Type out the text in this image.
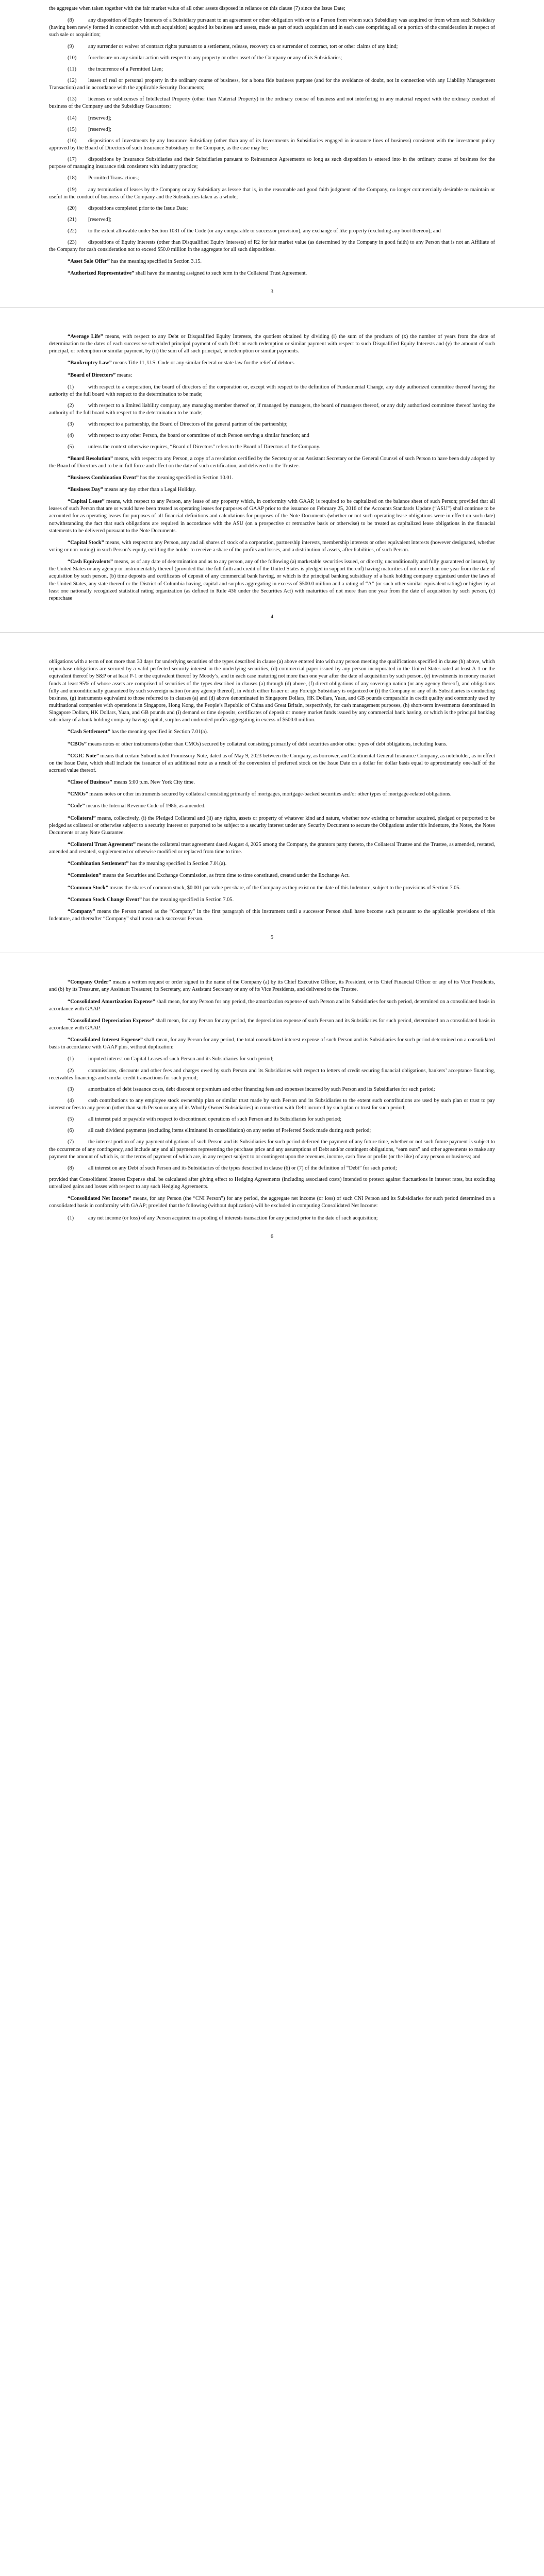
the aggregate when taken together with the fair market value of all other assets disposed in reliance on this clause (7) since the Issue Date;

(8)	any disposition of Equity Interests of a Subsidiary pursuant to an agreement or other obligation with or to a Person from whom such Subsidiary was acquired or from whom such Subsidiary (having been newly formed in connection with such acquisition) acquired its business and assets, made as part of such acquisition and in each case comprising all or a portion of the consideration in respect of such sale or acquisition;
(9)	any surrender or waiver of contract rights pursuant to a settlement, release, recovery on or surrender of contract, tort or other claims of any kind;
(10) foreclosure on any similar action with respect to any property or other asset of the Company or any of its Subsidiaries;
(11) the incurrence of a Permitted Lien;
(12) leases of real or personal property in the ordinary course of business, for a bona fide business purpose (and for the avoidance of doubt, not in connection with any Liability Management Transaction) and in accordance with the applicable Security Documents;
(13) licenses or sublicenses of Intellectual Property (other than Material Property) in the ordinary course of business and not interfering in any material respect with the ordinary conduct of business of the Company and the Subsidiary Guarantors;
(14) [reserved];
(15) [reserved];
(16) dispositions of Investments by any Insurance Subsidiary (other than any of its Investments in Subsidiaries engaged in insurance lines of business) consistent with the investment policy approved by the Board of Directors of such Insurance Subsidiary or the Company, as the case may be;
(17) dispositions by Insurance Subsidiaries and their Subsidiaries pursuant to Reinsurance Agreements so long as such disposition is entered into in the ordinary course of business for the purpose of managing insurance risk consistent with industry practice;
(18) Permitted Transactions;
(19) any termination of leases by the Company or any Subsidiary as lessee that is, in the reasonable and good faith judgment of the Company, no longer commercially desirable to maintain or useful in the conduct of business of the Company and the Subsidiaries taken as a whole;
(20) dispositions completed prior to the Issue Date;
(21) [reserved];
(22) to the extent allowable under Section 1031 of the Code (or any comparable or successor provision), any exchange of like property (excluding any boot thereon); and
(23) dispositions of Equity Interests (other than Disqualified Equity Interests) of R2 for fair market value (as determined by the Company in good faith) to any Person that is not an Affiliate of the Company for cash consideration not to exceed $50.0 million in the aggregate for all such dispositions.

“Asset Sale Offer” has the meaning specified in Section 3.15.

“Authorized Representative” shall have the meaning assigned to such term in the Collateral Trust Agreement.

3

“Average Life” means, with respect to any Debt or Disqualified Equity Interests, the quotient obtained by dividing (i) the sum of the products of (x) the number of years from the date of determination to the dates of each successive scheduled principal payment of such Debt or each redemption or similar payment with respect to such Disqualified Equity Interests and (y) the amount of such principal, or redemption or similar payment, by (ii) the sum of all such principal, or redemption or similar payments.

“Bankruptcy Law” means Title 11, U.S. Code or any similar federal or state law for the relief of debtors.

“Board of Directors” means:

(1)	with respect to a corporation, the board of directors of the corporation or, except with respect to the definition of Fundamental Change, any duly authorized committee thereof having the authority of the full board with respect to the determination to be made;
(2)	with respect to a limited liability company, any managing member thereof or, if managed by managers, the board of managers thereof, or any duly authorized committee thereof having the authority of the full board with respect to the determination to be made;
(3)	with respect to a partnership, the Board of Directors of the general partner of the partnership;
(4)	with respect to any other Person, the board or committee of such Person serving a similar function; and
(5)	unless the context otherwise requires, “Board of Directors” refers to the Board of Directors of the Company.

“Board Resolution” means, with respect to any Person, a copy of a resolution certified by the Secretary or an Assistant Secretary or the General Counsel of such Person to have been duly adopted by the Board of Directors and to be in full force and effect on the date of such certification, and delivered to the Trustee.

“Business Combination Event” has the meaning specified in Section 10.01.

“Business Day” means any day other than a Legal Holiday.

“Capital Lease” means, with respect to any Person, any lease of any property which, in conformity with GAAP, is required to be capitalized on the balance sheet of such Person; provided that all leases of such Person that are or would have been treated as operating leases for purposes of GAAP prior to the issuance on February 25, 2016 of the Accounts Standards Update (“ASU”) shall continue to be accounted for as operating leases for purposes of all financial definitions and calculations for purposes of the Note Documents (whether or not such operating lease obligations were in effect on such date) notwithstanding the fact that such obligations are required in accordance with the ASU (on a prospective or retroactive basis or otherwise) to be treated as capitalized lease obligations in the financial statements to be delivered pursuant to the Note Documents.

“Capital Stock” means, with respect to any Person, any and all shares of stock of a corporation, partnership interests, membership interests or other equivalent interests (however designated, whether voting or non-voting) in such Person’s equity, entitling the holder to receive a share of the profits and losses, and a distribution of assets, after liabilities, of such Person.

“Cash Equivalents” means, as of any date of determination and as to any person, any of the following (a) marketable securities issued, or directly, unconditionally and fully guaranteed or insured, by the United States or any agency or instrumentality thereof (provided that the full faith and credit of the United States is pledged in support thereof) having maturities of not more than one year from the date of acquisition by such person, (b) time deposits and certificates of deposit of any commercial bank having, or which is the principal banking subsidiary of a bank holding company organized under the laws of the United States, any state thereof or the District of Columbia having, capital and surplus aggregating in excess of $500.0 million and a rating of “A” (or such other similar equivalent rating) or higher by at least one nationally recognized statistical rating organization (as defined in Rule 436 under the Securities Act) with maturities of not more than one year from the date of acquisition by such person, (c) repurchase

4

obligations with a term of not more than 30 days for underlying securities of the types described in clause (a) above entered into with any person meeting the qualifications specified in clause (b) above, which repurchase obligations are secured by a valid perfected security interest in the underlying securities, (d) commercial paper issued by any person incorporated in the United States rated at least A-1 or the equivalent thereof by S&P or at least P-1 or the equivalent thereof by Moody’s, and in each case maturing not more than one year after the date of acquisition by such person, (e) investments in money market funds at least 95% of whose assets are comprised of securities of the types described in clauses (a) through (d) above, (f) direct obligations of any sovereign nation (or any agency thereof), and obligations fully and unconditionally guaranteed by such sovereign nation (or any agency thereof), in which either Issuer or any Foreign Subsidiary is organized or (i) the Company or any of its Subsidiaries is conducting business, (g) instruments equivalent to those referred to in clauses (a) and (d) above denominated in Singapore Dollars, HK Dollars, Yuan, and GB pounds comparable in credit quality and commonly used by multinational companies with operations in Singapore, Hong Kong, the People’s Republic of China and Great Britain, respectively, for cash management purposes, (h) short-term investments denominated in Singapore Dollars, HK Dollars, Yuan, and GB pounds and (i) demand or time deposits, certificates of deposit or money market funds issued by any commercial bank having, or which is the principal banking subsidiary of a bank holding company having capital, surplus and undivided profits aggregating in excess of $500.0 million.

“Cash Settlement” has the meaning specified in Section 7.01(a).

“CBOs” means notes or other instruments (other than CMOs) secured by collateral consisting primarily of debt securities and/or other types of debt obligations, including loans.

“CGIC Note” means that certain Subordinated Promissory Note, dated as of May 9, 2023 between the Company, as borrower, and Continental General Insurance Company, as noteholder, as in effect on the Issue Date, which shall include the issuance of an additional note as a result of the conversion of preferred stock on the Issue Date on a dollar for dollar basis equal to approximately one-half of the accrued value thereof.

“Close of Business” means 5:00 p.m. New York City time.

“CMOs” means notes or other instruments secured by collateral consisting primarily of mortgages, mortgage-backed securities and/or other types of mortgage-related obligations.

“Code” means the Internal Revenue Code of 1986, as amended.

“Collateral” means, collectively, (i) the Pledged Collateral and (ii) any rights, assets or property of whatever kind and nature, whether now existing or hereafter acquired, pledged or purported to be pledged as collateral or otherwise subject to a security interest or purported to be subject to a security interest under any Security Document to secure the Obligations under this Indenture, the Notes, the Notes Documents or any Note Guarantee.

“Collateral Trust Agreement” means the collateral trust agreement dated August 4, 2025 among the Company, the grantors party thereto, the Collateral Trustee and the Trustee, as amended, restated, amended and restated, supplemented or otherwise modified or replaced from time to time.

“Combination Settlement” has the meaning specified in Section 7.01(a).

“Commission” means the Securities and Exchange Commission, as from time to time constituted, created under the Exchange Act.

“Common Stock” means the shares of common stock, $0.001 par value per share, of the Company as they exist on the date of this Indenture, subject to the provisions of Section 7.05.

“Common Stock Change Event” has the meaning specified in Section 7.05.

“Company” means the Person named as the “Company” in the first paragraph of this instrument until a successor Person shall have become such pursuant to the applicable provisions of this Indenture, and thereafter “Company” shall mean such successor Person.

5

“Company Order” means a written request or order signed in the name of the Company (a) by its Chief Executive Officer, its President, or its Chief Financial Officer or any of its Vice Presidents, and (b) by its Treasurer, any Assistant Treasurer, its Secretary, any Assistant Secretary or any of its Vice Presidents, and delivered to the Trustee.

“Consolidated Amortization Expense” shall mean, for any Person for any period, the amortization expense of such Person and its Subsidiaries for such period, determined on a consolidated basis in accordance with GAAP.

“Consolidated Depreciation Expense” shall mean, for any Person for any period, the depreciation expense of such Person and its Subsidiaries for such period, determined on a consolidated basis in accordance with GAAP.

“Consolidated Interest Expense” shall mean, for any Person for any period, the total consolidated interest expense of such Person and its Subsidiaries for such period determined on a consolidated basis in accordance with GAAP plus, without duplication:

(1)	imputed interest on Capital Leases of such Person and its Subsidiaries for such period;
(2)	commissions, discounts and other fees and charges owed by such Person and its Subsidiaries with respect to letters of credit securing financial obligations, bankers’ acceptance financing, receivables financings and similar credit transactions for such period;
(3)	amortization of debt issuance costs, debt discount or premium and other financing fees and expenses incurred by such Person and its Subsidiaries for such period;
(4)	cash contributions to any employee stock ownership plan or similar trust made by such Person and its Subsidiaries to the extent such contributions are used by such plan or trust to pay interest or fees to any person (other than such Person or any of its Wholly Owned Subsidiaries) in connection with Debt incurred by such plan or trust for such period;
(5)	all interest paid or payable with respect to discontinued operations of such Person and its Subsidiaries for such period;
(6)	all cash dividend payments (excluding items eliminated in consolidation) on any series of Preferred Stock made during such period;
(7)	the interest portion of any payment obligations of such Person and its Subsidiaries for such period deferred the payment of any future time, whether or not such future payment is subject to the occurrence of any contingency, and include any and all payments representing the purchase price and any assumptions of Debt and/or contingent obligations, “earn outs” and other agreements to make any payment the amount of which is, or the terms of payment of which are, in any respect subject to or contingent upon the revenues, income, cash flow or profits (or the like) of any person or business; and
(8)	all interest on any Debt of such Person and its Subsidiaries of the types described in clause (6) or (7) of the definition of “Debt” for such period;

provided that Consolidated Interest Expense shall be calculated after giving effect to Hedging Agreements (including associated costs) intended to protect against fluctuations in interest rates, but excluding unrealized gains and losses with respect to any such Hedging Agreements.

“Consolidated Net Income” means, for any Person (the “CNI Person”) for any period, the aggregate net income (or loss) of such CNI Person and its Subsidiaries for such period determined on a consolidated basis in conformity with GAAP; provided that the following (without duplication) will be excluded in computing Consolidated Net Income:

(1)	any net income (or loss) of any Person acquired in a pooling of interests transaction for any period prior to the date of such acquisition;
6
